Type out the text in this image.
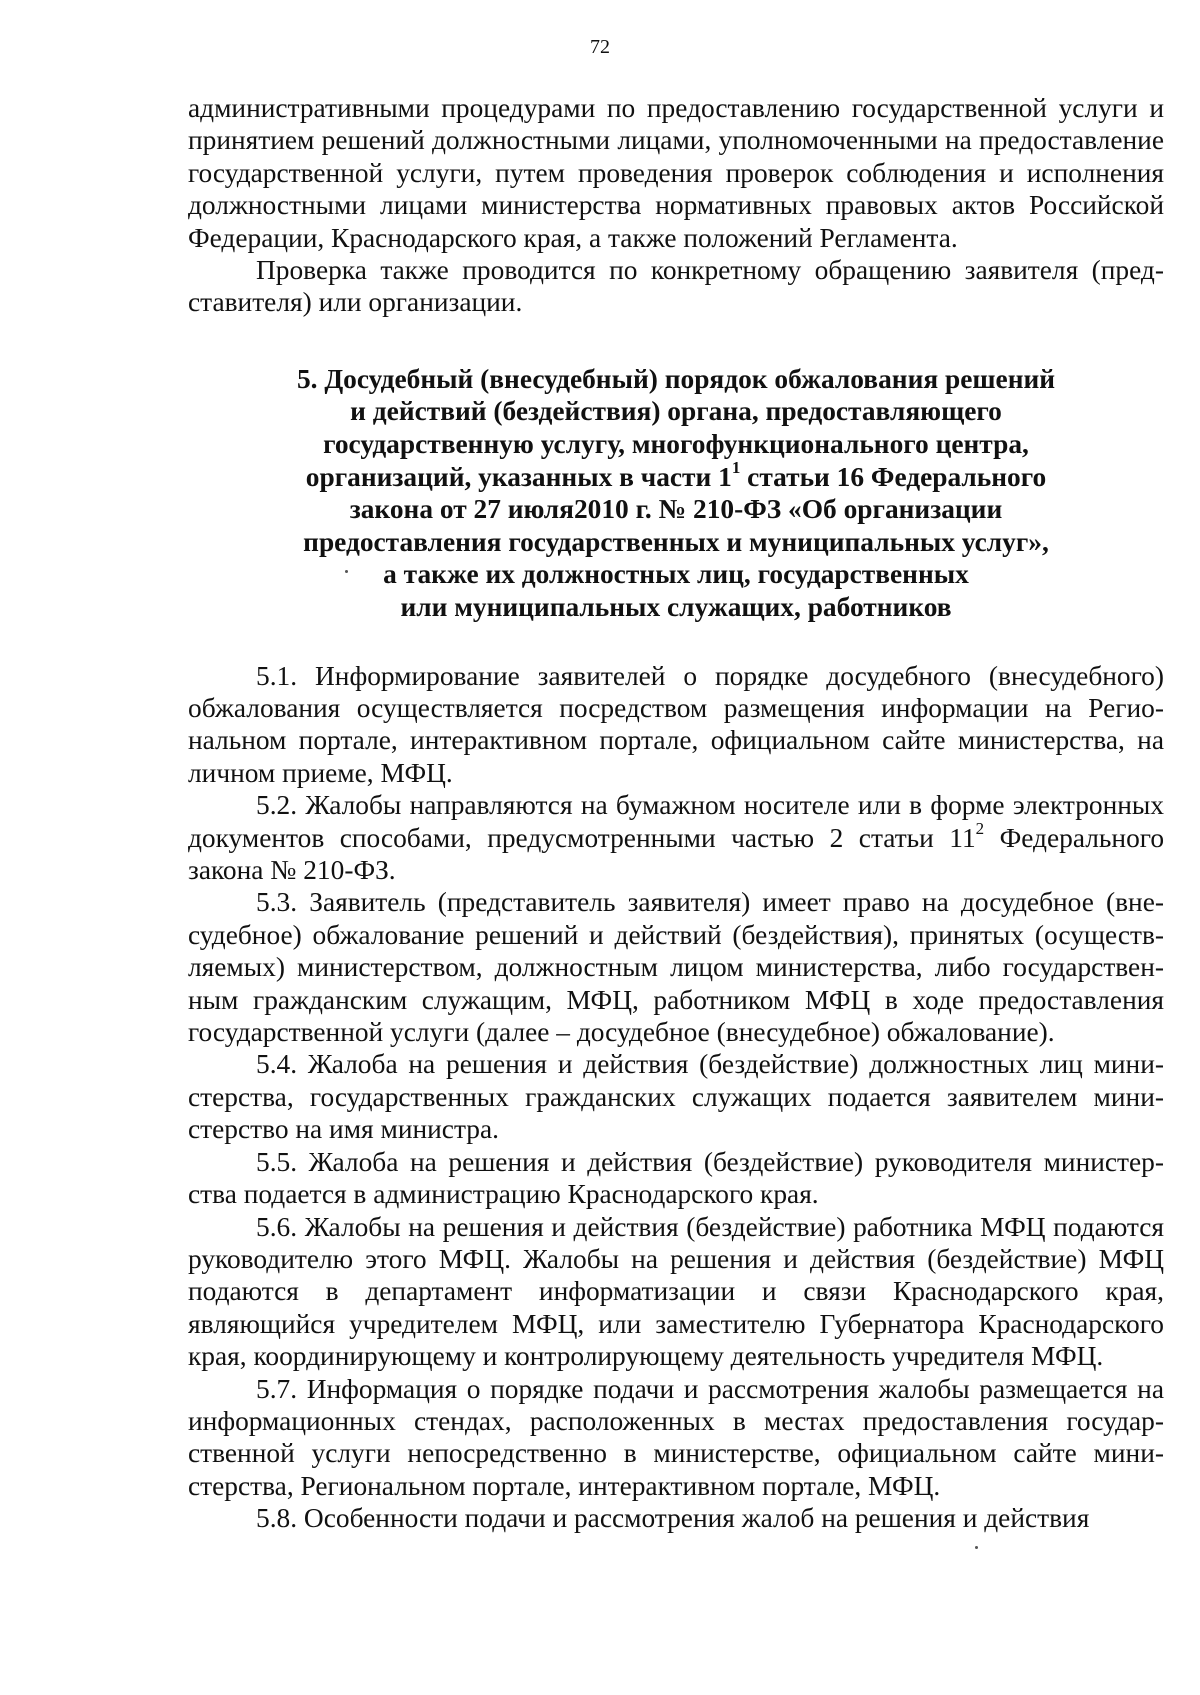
72

административными процедурами по предоставлению государственной услуги и принятием решений должностными лицами, уполномоченными на предоставление государственной услуги, путем проведения проверок соблюдения и исполнения должностными лицами министерства нормативных правовых актов Российской Федерации, Краснодарского края, а также положений Регламента.

Проверка также проводится по конкретному обращению заявителя (представителя) или организации.

5. Досудебный (внесудебный) порядок обжалования решений
и действий (бездействия) органа, предоставляющего
государственную услугу, многофункционального центра,
организаций, указанных в части $1^1$ статьи 16 Федерального
закона от 27 июля2010 г. № 210-ФЗ «Об организации
предоставления государственных и муниципальных услуг»,
а также их должностных лиц, государственных
или муниципальных служащих, работников

5.1. Информирование заявителей о порядке досудебного (внесудебного) обжалования осуществляется посредством размещения информации на Региональном портале, интерактивном портале, официальном сайте министерства, на личном приеме, МФЦ.

5.2. Жалобы направляются на бумажном носителе или в форме электронных документов способами, предусмотренными частью 2 статьи $11^2$ Федерального закона № 210-ФЗ.

5.3. Заявитель (представитель заявителя) имеет право на досудебное (внесудебное) обжалование решений и действий (бездействия), принятых (осуществляемых) министерством, должностным лицом министерства, либо государственным гражданским служащим, МФЦ, работником МФЦ в ходе предоставления государственной услуги (далее – досудебное (внесудебное) обжалование).

5.4. Жалоба на решения и действия (бездействие) должностных лиц министерства, государственных гражданских служащих подается заявителем министерство на имя министра.

5.5. Жалоба на решения и действия (бездействие) руководителя министерства подается в администрацию Краснодарского края.

5.6. Жалобы на решения и действия (бездействие) работника МФЦ подаются руководителю этого МФЦ. Жалобы на решения и действия (бездействие) МФЦ подаются в департамент информатизации и связи Краснодарского края, являющийся учредителем МФЦ, или заместителю Губернатора Краснодарского края, координирующему и контролирующему деятельность учредителя МФЦ.

5.7. Информация о порядке подачи и рассмотрения жалобы размещается на информационных стендах, расположенных в местах предоставления государственной услуги непосредственно в министерстве, официальном сайте министерства, Региональном портале, интерактивном портале, МФЦ.

5.8. Особенности подачи и рассмотрения жалоб на решения и действия
